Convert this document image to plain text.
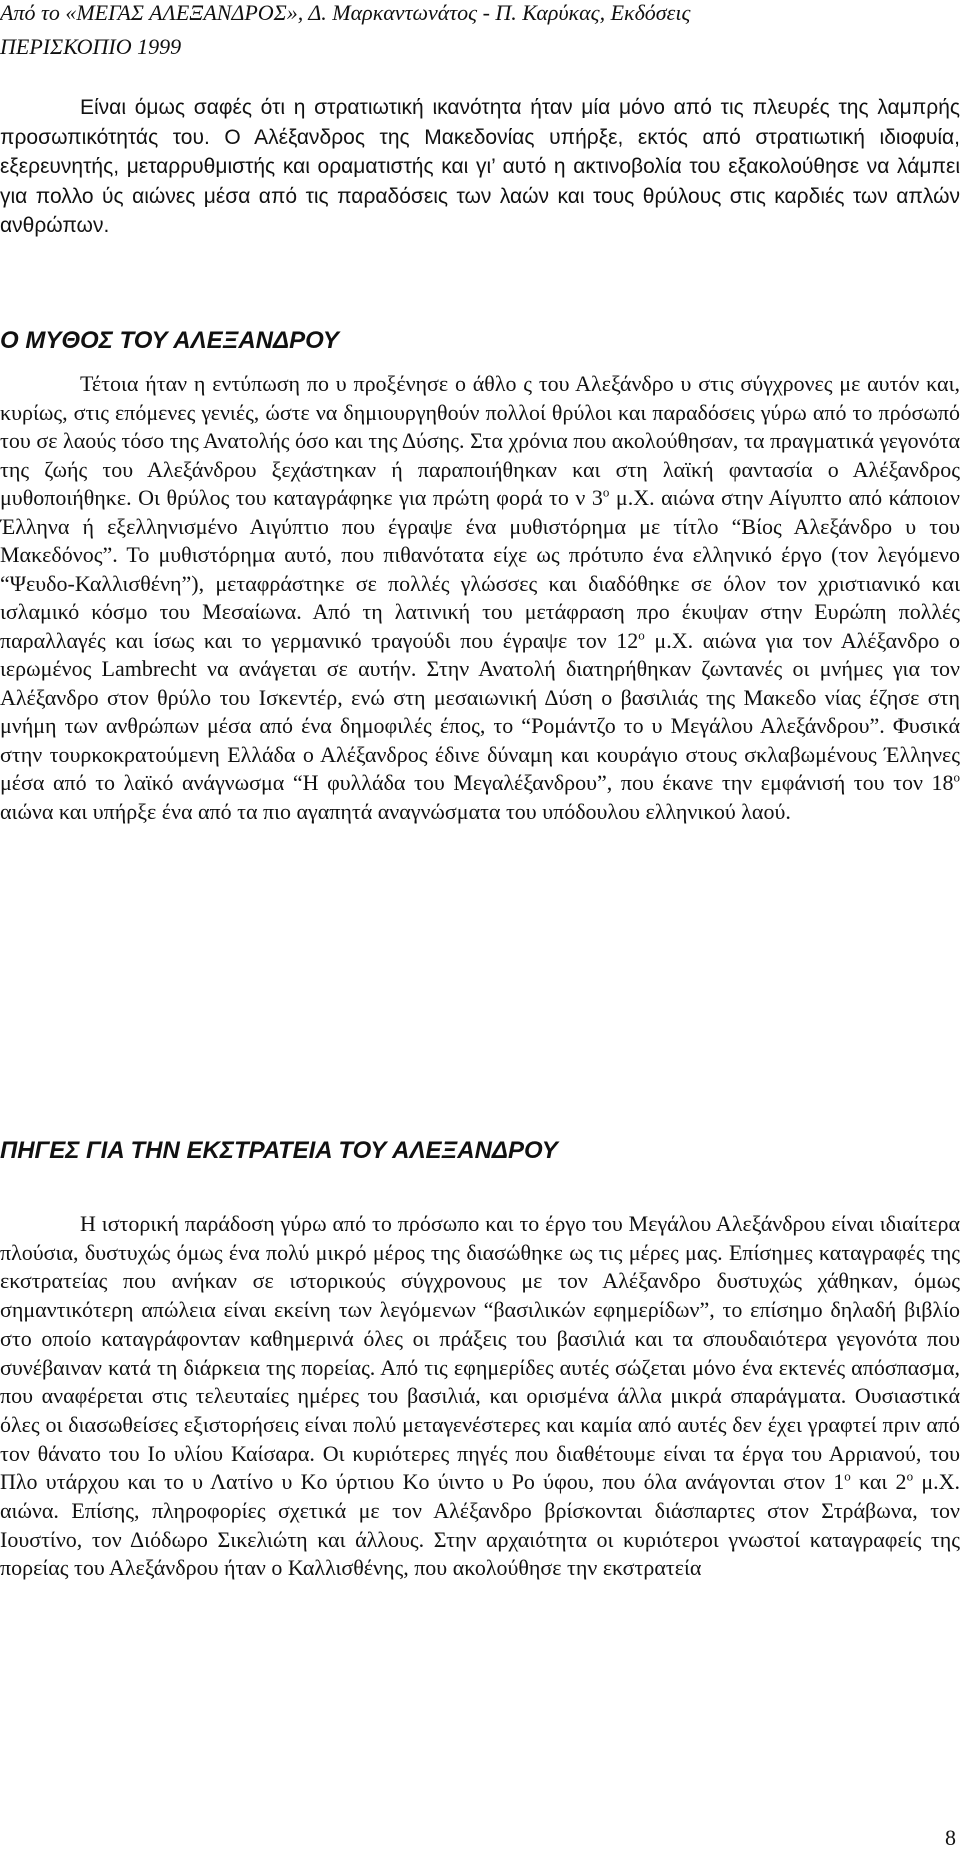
Από το «ΜΕΓΑΣ ΑΛΕΞΑΝΔΡΟΣ», Δ. Μαρκαντωνάτος - Π. Καρύκας, Εκδόσεις
ΠΕΡΙΣΚΟΠΙΟ 1999

Είναι όμως σαφές ότι η στρατιωτική ικανότητα ήταν μία μόνο από τις πλευρές της λαμπρής προσωπικότητάς του. Ο Αλέξανδρος της Μακεδονίας υπήρξε, εκτός από στρατιωτική ιδιοφυία, εξερευνητής, μεταρρυθμιστής και οραματιστής και γι’ αυτό η ακτινοβολία του εξακολούθησε να λάμπει για πολλο ύς αιώνες μέσα από τις παραδόσεις των λαών και τους θρύλους στις καρδιές των απλών ανθρώπων.

Ο ΜΥΘΟΣ ΤΟΥ ΑΛΕΞΑΝΔΡΟΥ

Τέτοια ήταν η εντύπωση πο υ προξένησε ο άθλο ς του Αλεξάνδρο υ στις σύγχρονες με αυτόν και, κυρίως, στις επόμενες γενιές, ώστε να δημιουργηθούν πολλοί θρύλοι και παραδόσεις γύρω από το πρόσωπό του σε λαούς τόσο της Ανατολής όσο και της Δύσης. Στα χρόνια που ακολούθησαν, τα πραγματικά γεγονότα της ζωής του Αλεξάνδρου ξεχάστηκαν ή παραποιήθηκαν και στη λαϊκή φαντασία ο Αλέξανδρος μυθοποιήθηκε. Οι θρύλος του καταγράφηκε για πρώτη φορά το ν $3^o$ μ.Χ. αιώνα στην Αίγυπτο από κάποιον Έλληνα ή εξελληνισμένο Αιγύπτιο που έγραψε ένα μυθιστόρημα με τίτλο “Βίος Αλεξάνδρο υ του Μακεδόνος”. Το μυθιστόρημα αυτό, που πιθανότατα είχε ως πρότυπο ένα ελληνικό έργο (τον λεγόμενο “Ψευδο-Καλλισθένη”), μεταφράστηκε σε πολλές γλώσσες και διαδόθηκε σε όλον τον χριστιανικό και ισλαμικό κόσμο του Μεσαίωνα. Από τη λατινική του μετάφραση προ έκυψαν στην Ευρώπη πολλές παραλλαγές και ίσως και το γερμανικό τραγούδι που έγραψε τον $12^o$ μ.Χ. αιώνα για τον Αλέξανδρο ο ιερωμένος Lambrecht να ανάγεται σε αυτήν. Στην Ανατολή διατηρήθηκαν ζωντανές οι μνήμες για τον Αλέξανδρο στον θρύλο του Ισκεντέρ, ενώ στη μεσαιωνική Δύση ο βασιλιάς της Μακεδο νίας έζησε στη μνήμη των ανθρώπων μέσα από ένα δημοφιλές έπος, το “Ρομάντζο το υ Μεγάλου Αλεξάνδρου”. Φυσικά στην τουρκοκρατούμενη Ελλάδα ο Αλέξανδρος έδινε δύναμη και κουράγιο στους σκλαβωμένους Έλληνες μέσα από το λαϊκό ανάγνωσμα “Η φυλλάδα του Μεγαλέξανδρου”, που έκανε την εμφάνισή του τον $18^o$ αιώνα και υπήρξε ένα από τα πιο αγαπητά αναγνώσματα του υπόδουλου ελληνικού λαού.

ΠΗΓΕΣ ΓΙΑ ΤΗΝ ΕΚΣΤΡΑΤΕΙΑ ΤΟΥ ΑΛΕΞΑΝΔΡΟΥ

Η ιστορική παράδοση γύρω από το πρόσωπο και το έργο του Μεγάλου Αλεξάνδρου είναι ιδιαίτερα πλούσια, δυστυχώς όμως ένα πολύ μικρό μέρος της διασώθηκε ως τις μέρες μας. Επίσημες καταγραφές της εκστρατείας που ανήκαν σε ιστορικούς σύγχρονους με τον Αλέξανδρο δυστυχώς χάθηκαν, όμως σημαντικότερη απώλεια είναι εκείνη των λεγόμενων “βασιλικών εφημερίδων”, το επίσημο δηλαδή βιβλίο στο οποίο καταγράφονταν καθημερινά όλες οι πράξεις του βασιλιά και τα σπουδαιότερα γεγονότα που συνέβαιναν κατά τη διάρκεια της πορείας. Από τις εφημερίδες αυτές σώζεται μόνο ένα εκτενές απόσπασμα, που αναφέρεται στις τελευταίες ημέρες του βασιλιά, και ορισμένα άλλα μικρά σπαράγματα. Ουσιαστικά όλες οι διασωθείσες εξιστορήσεις είναι πολύ μεταγενέστερες και καμία από αυτές δεν έχει γραφτεί πριν από τον θάνατο του Ιο υλίου Καίσαρα. Οι κυριότερες πηγές που διαθέτουμε είναι τα έργα του Αρριανού, του Πλο υτάρχου και το υ Λατίνο υ Κο ύρτιου Κο ύιντο υ Ρο ύφου, που όλα ανάγονται στον $1^o$ και $2^o$ μ.Χ. αιώνα. Επίσης, πληροφορίες σχετικά με τον Αλέξανδρο βρίσκονται διάσπαρτες στον Στράβωνα, τον Ιουστίνο, τον Διόδωρο Σικελιώτη και άλλους. Στην αρχαιότητα οι κυριότεροι γνωστοί καταγραφείς της πορείας του Αλεξάνδρου ήταν ο Καλλισθένης, που ακολούθησε την εκστρατεία

8
